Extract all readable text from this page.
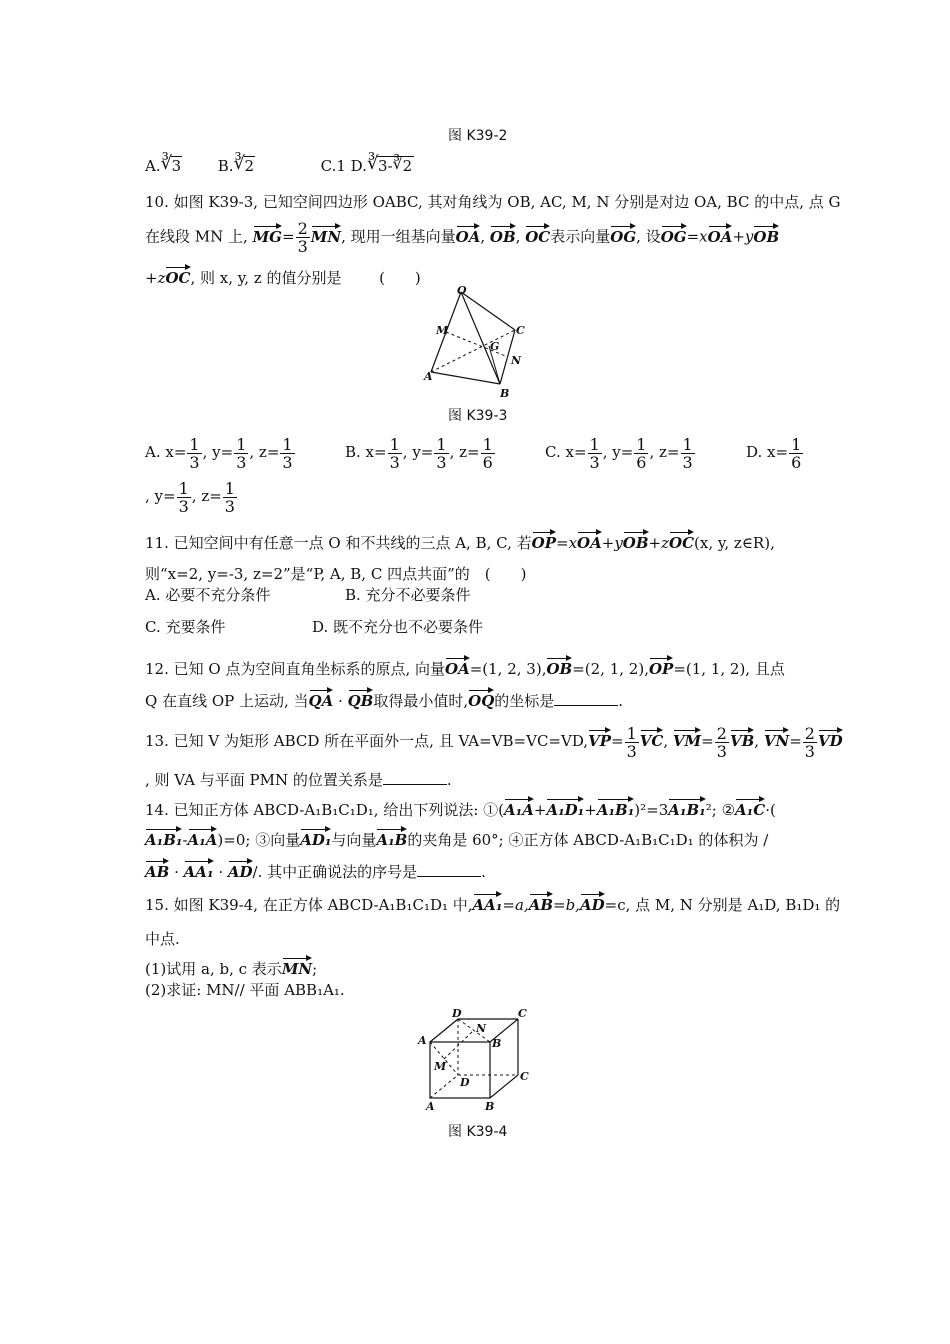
图 K39-2
A. ∛ 3 B. ∛ 2	C.1 D. ∛ 3- ∛ 2
10. 如图 K39-3, 已知空间四边形 OABC, 其对角线为 OB, AC, M, N 分别是对边 OA, BC 的中点, 点 G
在线段 MN 上, $MG= \frac{2}{3}$ MN, 现用一组基向量OA, OB, OC表示向量OG, 设OG=xOA+yOB
+zOC, 则 x, y, z 的值分别是	(　　)
O
M	C
G
N
A
B
图 K39-3
A. $x= \frac{1}{3}$ , $y= \frac{1}{3}$ , $z= \frac{1}{3}$	B. $x= \frac{1}{3}$ , $y= \frac{1}{3}$ , $z= \frac{1}{6}$	C. $x= \frac{1}{3}$ , $y= \frac{1}{6}$ , $z= \frac{1}{3}$	D. $x= \frac{1}{6}$
, $y= \frac{1}{3}$ , $z= \frac{1}{3}$
11. 已知空间中有任意一点 O 和不共线的三点 A, B, C, 若OP=xOA+yOB+zOC(x, y, z∈R),
则“x=2, y=-3, z=2”是“P, A, B, C 四点共面”的　(　　)
A. 必要不充分条件	B. 充分不必要条件
C. 充要条件	D. 既不充分也不必要条件
12. 已知 O 点为空间直角坐标系的原点, 向量OA=(1, 2, 3),OB=(2, 1, 2),OP=(1, 1, 2), 且点
Q 在直线 OP 上运动, 当QA · QB取得最小值时,OQ的坐标是	.
13. 已知 V 为矩形 ABCD 所在平面外一点, 且 $VA=VB=VC=VD,VP= \frac{1}{3}$ VC, $VM= \frac{2}{3}$ VB, $VN= \frac{2}{3}$ VD
, 则 VA 与平面 PMN 的位置关系是	.
14. 已知正方体 ABCD-A₁B₁C₁D₁, 给出下列说法: ①(A₁A+A₁D₁+A₁B₁)²=3A₁B₁²; ②A₁C·(
A₁B₁-A₁A)=0; ③向量AD₁与向量A₁B的夹角是 60°; ④正方体 ABCD-A₁B₁C₁D₁ 的体积为 /
AB · AA₁ · AD/. 其中正确说法的序号是	.
15. 如图 K39-4, 在正方体 ABCD-A₁B₁C₁D₁ 中,AA₁=a,AB=b,AD=c, 点 M, N 分别是 A₁D, B₁D₁ 的
中点.
(1)试用 a, b, c 表示MN;
(2)求证: MN// 平面 ABB₁A₁.
D
N
C
A	B
M
D	C
A	B
图 K39-4
